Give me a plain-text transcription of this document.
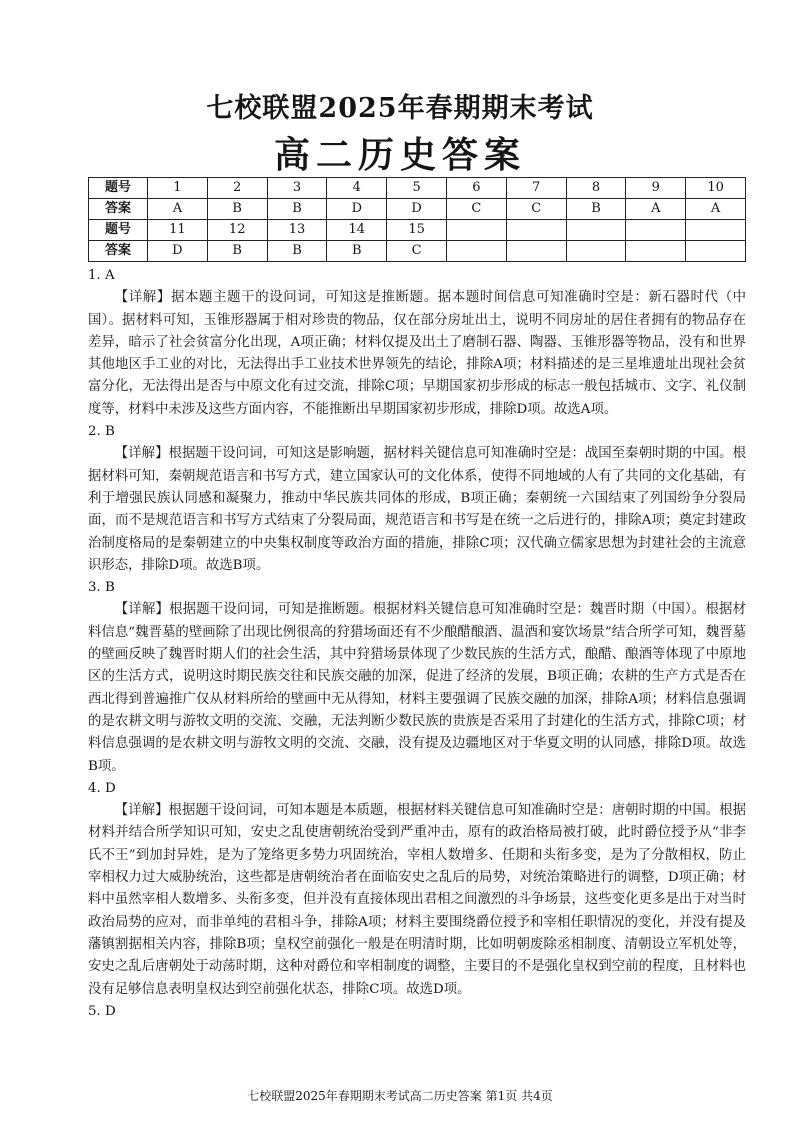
七校联盟2025年春期期末考试
高二历史答案
题号	1	2	3	4	5	6	7	8	9	10
答案	A	B	B	D	D	C	C	B	A	A
题号	11	12	13	14	15					
答案	D	B	B	B	C					

1. A

【详解】据本题主题干的设问词，可知这是推断题。据本题时间信息可知准确时空是：新石器时代（中国）。据材料可知，玉锥形器属于相对珍贵的物品，仅在部分房址出土，说明不同房址的居住者拥有的物品存在差异，暗示了社会贫富分化出现，A项正确；材料仅提及出土了磨制石器、陶器、玉锥形器等物品，没有和世界其他地区手工业的对比，无法得出手工业技术世界领先的结论，排除A项；材料描述的是三星堆遗址出现社会贫富分化，无法得出是否与中原文化有过交流，排除C项；早期国家初步形成的标志一般包括城市、文字、礼仪制度等，材料中未涉及这些方面内容，不能推断出早期国家初步形成，排除D项。故选A项。

2. B

【详解】根据题干设问词，可知这是影响题，据材料关键信息可知准确时空是：战国至秦朝时期的中国。根据材料可知，秦朝规范语言和书写方式，建立国家认可的文化体系，使得不同地域的人有了共同的文化基础，有利于增强民族认同感和凝聚力，推动中华民族共同体的形成，B项正确；秦朝统一六国结束了列国纷争分裂局面，而不是规范语言和书写方式结束了分裂局面，规范语言和书写是在统一之后进行的，排除A项；奠定封建政治制度格局的是秦朝建立的中央集权制度等政治方面的措施，排除C项；汉代确立儒家思想为封建社会的主流意识形态，排除D项。故选B项。

3. B

【详解】根据题干设问词，可知是推断题。根据材料关键信息可知准确时空是：魏晋时期（中国）。根据材料信息“魏晋墓的壁画除了出现比例很高的狩猎场面还有不少酿醋酿酒、温酒和宴饮场景”结合所学可知，魏晋墓的壁画反映了魏晋时期人们的社会生活，其中狩猎场景体现了少数民族的生活方式，酿醋、酿酒等体现了中原地区的生活方式，说明这时期民族交往和民族交融的加深，促进了经济的发展，B项正确；农耕的生产方式是否在西北得到普遍推广仅从材料所给的壁画中无从得知，材料主要强调了民族交融的加深，排除A项；材料信息强调的是农耕文明与游牧文明的交流、交融，无法判断少数民族的贵族是否采用了封建化的生活方式，排除C项；材料信息强调的是农耕文明与游牧文明的交流、交融，没有提及边疆地区对于华夏文明的认同感，排除D项。故选B项。

4. D

【详解】根据题干设问词，可知本题是本质题，根据材料关键信息可知准确时空是：唐朝时期的中国。根据材料并结合所学知识可知，安史之乱使唐朝统治受到严重冲击，原有的政治格局被打破，此时爵位授予从“非李氏不王”到加封异姓，是为了笼络更多势力巩固统治，宰相人数增多、任期和头衔多变，是为了分散相权，防止宰相权力过大威胁统治，这些都是唐朝统治者在面临安史之乱后的局势，对统治策略进行的调整，D项正确；材料中虽然宰相人数增多、头衔多变，但并没有直接体现出君相之间激烈的斗争场景，这些变化更多是出于对当时政治局势的应对，而非单纯的君相斗争，排除A项；材料主要围绕爵位授予和宰相任职情况的变化，并没有提及藩镇割据相关内容，排除B项；皇权空前强化一般是在明清时期，比如明朝废除丞相制度、清朝设立军机处等，安史之乱后唐朝处于动荡时期，这种对爵位和宰相制度的调整，主要目的不是强化皇权到空前的程度，且材料也没有足够信息表明皇权达到空前强化状态，排除C项。故选D项。

5. D

七校联盟2025年春期期末考试高二历史答案 第1页 共4页
